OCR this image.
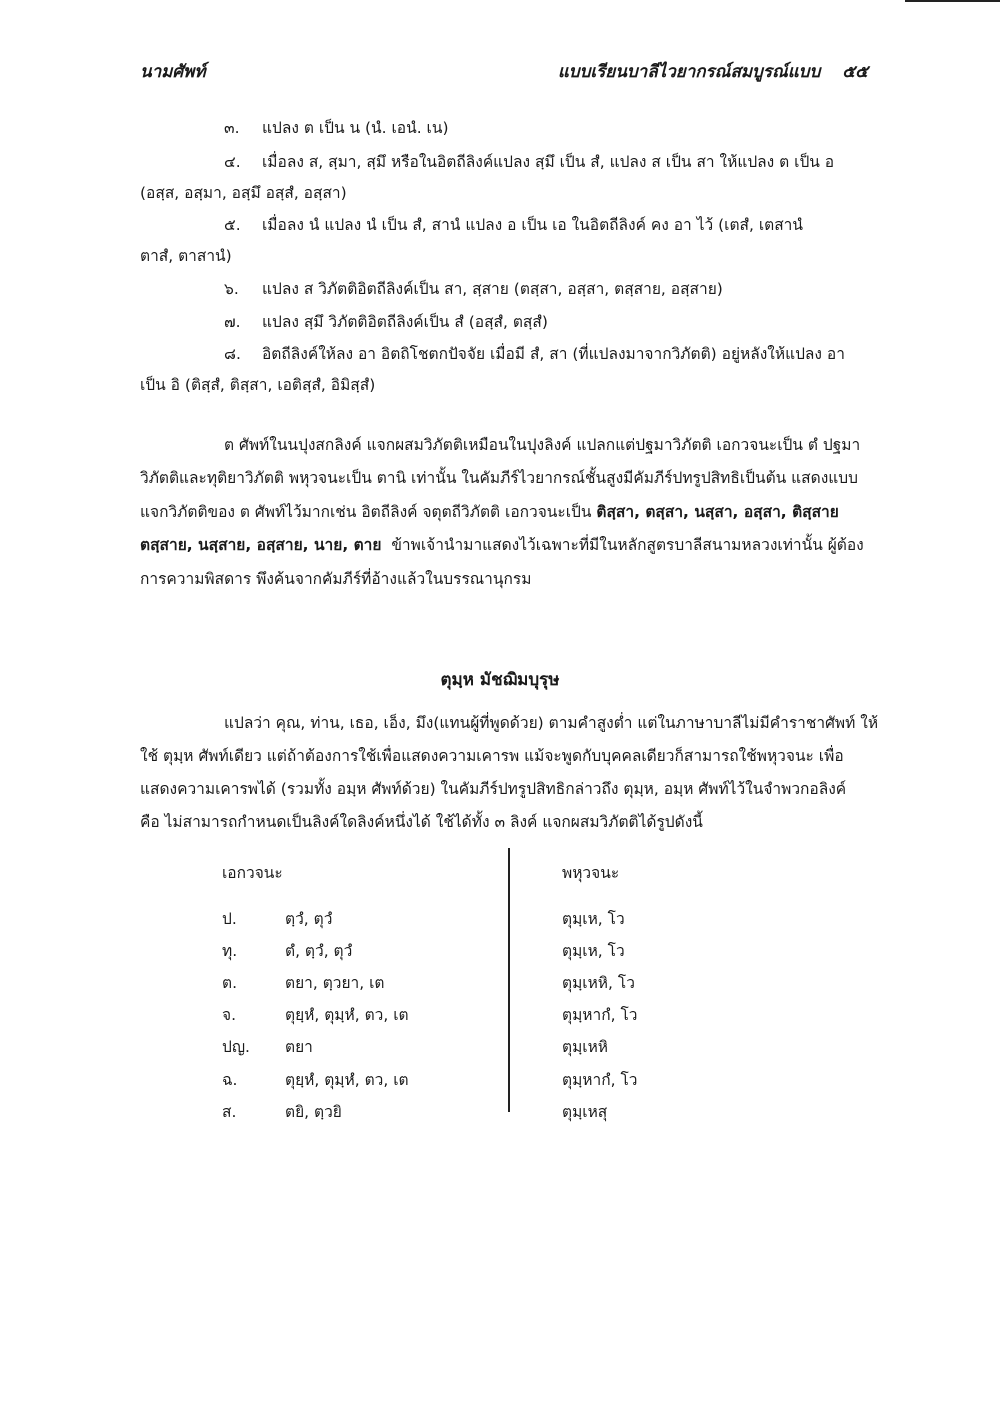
นามศัพท์	แบบเรียนบาลีไวยากรณ์สมบูรณ์แบบ ๕๕
๓. แปลง ต เป็น น (นํ. เอนํ. เน)
๔. เมื่อลง ส, สฺมา, สฺมึ หรือในอิตถีลิงค์แปลง สฺมึ เป็น สํ, แปลง ส เป็น สา ให้แปลง ต เป็น อ
(อสฺส, อสฺมา, อสฺมึ อสฺสํ, อสฺสา)
๕. เมื่อลง นํ แปลง นํ เป็น สํ, สานํ แปลง อ เป็น เอ ในอิตถีลิงค์ คง อา ไว้ (เตสํ, เตสานํ
ตาสํ, ตาสานํ)
๖. แปลง ส วิภัตติอิตถีลิงค์เป็น สา, สฺสาย (ตสฺสา, อสฺสา, ตสฺสาย, อสฺสาย)
๗. แปลง สฺมึ วิภัตติอิตถีลิงค์เป็น สํ (อสฺสํ, ตสฺสํ)
๘. อิตถีลิงค์ให้ลง อา อิตถิโชตกปัจจัย เมื่อมี สํ, สา (ที่แปลงมาจากวิภัตติ) อยู่หลังให้แปลง อา
เป็น อิ (ติสฺสํ, ติสฺสา, เอติสฺสํ, อิมิสฺสํ)
ต ศัพท์ในนปุงสกลิงค์ แจกผสมวิภัตติเหมือนในปุงลิงค์ แปลกแต่ปฐมาวิภัตติ เอกวจนะเป็น ตํ ปฐมา
วิภัตติและทุติยาวิภัตติ พหุวจนะเป็น ตานิ เท่านั้น ในคัมภีร์ไวยากรณ์ชั้นสูงมีคัมภีร์ปทรูปสิทธิเป็นต้น แสดงแบบ
แจกวิภัตติของ ต ศัพท์ไว้มากเช่น อิตถีลิงค์ จตุตถีวิภัตติ เอกวจนะเป็น ติสฺสา, ตสฺสา, นสฺสา, อสฺสา, ติสฺสาย
ตสฺสาย, นสฺสาย, อสฺสาย, นาย, ตาย ข้าพเจ้านำมาแสดงไว้เฉพาะที่มีในหลักสูตรบาลีสนามหลวงเท่านั้น ผู้ต้อง
การความพิสดาร พึงค้นจากคัมภีร์ที่อ้างแล้วในบรรณานุกรม
ตุมฺห มัชฌิมบุรุษ
แปลว่า คุณ, ท่าน, เธอ, เอ็ง, มึง(แทนผู้ที่พูดด้วย) ตามคำสูงต่ำ แต่ในภาษาบาลีไม่มีคำราชาศัพท์ ให้
ใช้ ตุมฺห ศัพท์เดียว แต่ถ้าต้องการใช้เพื่อแสดงความเคารพ แม้จะพูดกับบุคคลเดียวก็สามารถใช้พหุวจนะ เพื่อ
แสดงความเคารพได้ (รวมทั้ง อมฺห ศัพท์ด้วย) ในคัมภีร์ปทรูปสิทธิกล่าวถึง ตุมฺห, อมฺห ศัพท์ไว้ในจำพวกอลิงค์
คือ ไม่สามารถกำหนดเป็นลิงค์ใดลิงค์หนึ่งได้ ใช้ได้ทั้ง ๓ ลิงค์ แจกผสมวิภัตติได้รูปดังนี้
เอกวจนะ	พหุวจนะ
ป.	ตฺวํ, ตุวํ	ตุมฺเห, โว
ทุ.	ตํ, ตฺวํ, ตุวํ	ตุมฺเห, โว
ต.	ตยา, ตฺวยา, เต	ตุมฺเหหิ, โว
จ.	ตุยฺหํ, ตุมฺหํ, ตว, เต	ตุมฺหากํ, โว
ปญ. ตยา	ตุมฺเหหิ
ฉ.	ตุยฺหํ, ตุมฺหํ, ตว, เต	ตุมฺหากํ, โว
ส.	ตยิ, ตฺวยิ	ตุมฺเหสุ
